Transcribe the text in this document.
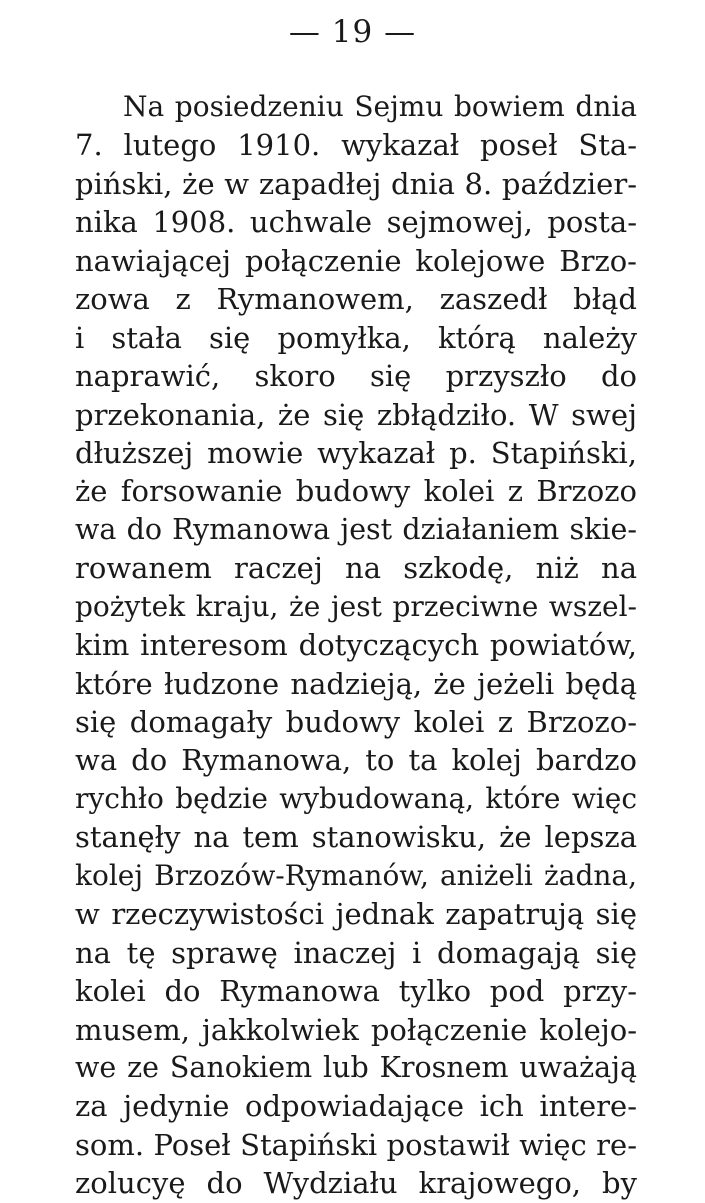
— 19 —
Na posiedzeniu Sejmu bowiem dnia
7. lutego 1910. wykazał poseł Sta-
piński, że w zapadłej dnia 8. paździer-
nika 1908. uchwale sejmowej, posta-
nawiającej połączenie kolejowe Brzo-
zowa z Rymanowem, zaszedł błąd
i stała się pomyłka, którą należy
naprawić, skoro się przyszło do
przekonania, że się zbłądziło. W swej
dłuższej mowie wykazał p. Stapiński,
że forsowanie budowy kolei z Brzozo
wa do Rymanowa jest działaniem skie-
rowanem raczej na szkodę, niż na
pożytek kraju, że jest przeciwne wszel-
kim interesom dotyczących powiatów,
które łudzone nadzieją, że jeżeli będą
się domagały budowy kolei z Brzozo-
wa do Rymanowa, to ta kolej bardzo
rychło będzie wybudowaną, które więc
stanęły na tem stanowisku, że lepsza
kolej Brzozów-Rymanów, aniżeli żadna,
w rzeczywistości jednak zapatrują się
na tę sprawę inaczej i domagają się
kolei do Rymanowa tylko pod przy-
musem, jakkolwiek połączenie kolejo-
we ze Sanokiem lub Krosnem uważają
za jedynie odpowiadające ich intere-
som. Poseł Stapiński postawił więc re-
zolucyę do Wydziału krajowego, by
